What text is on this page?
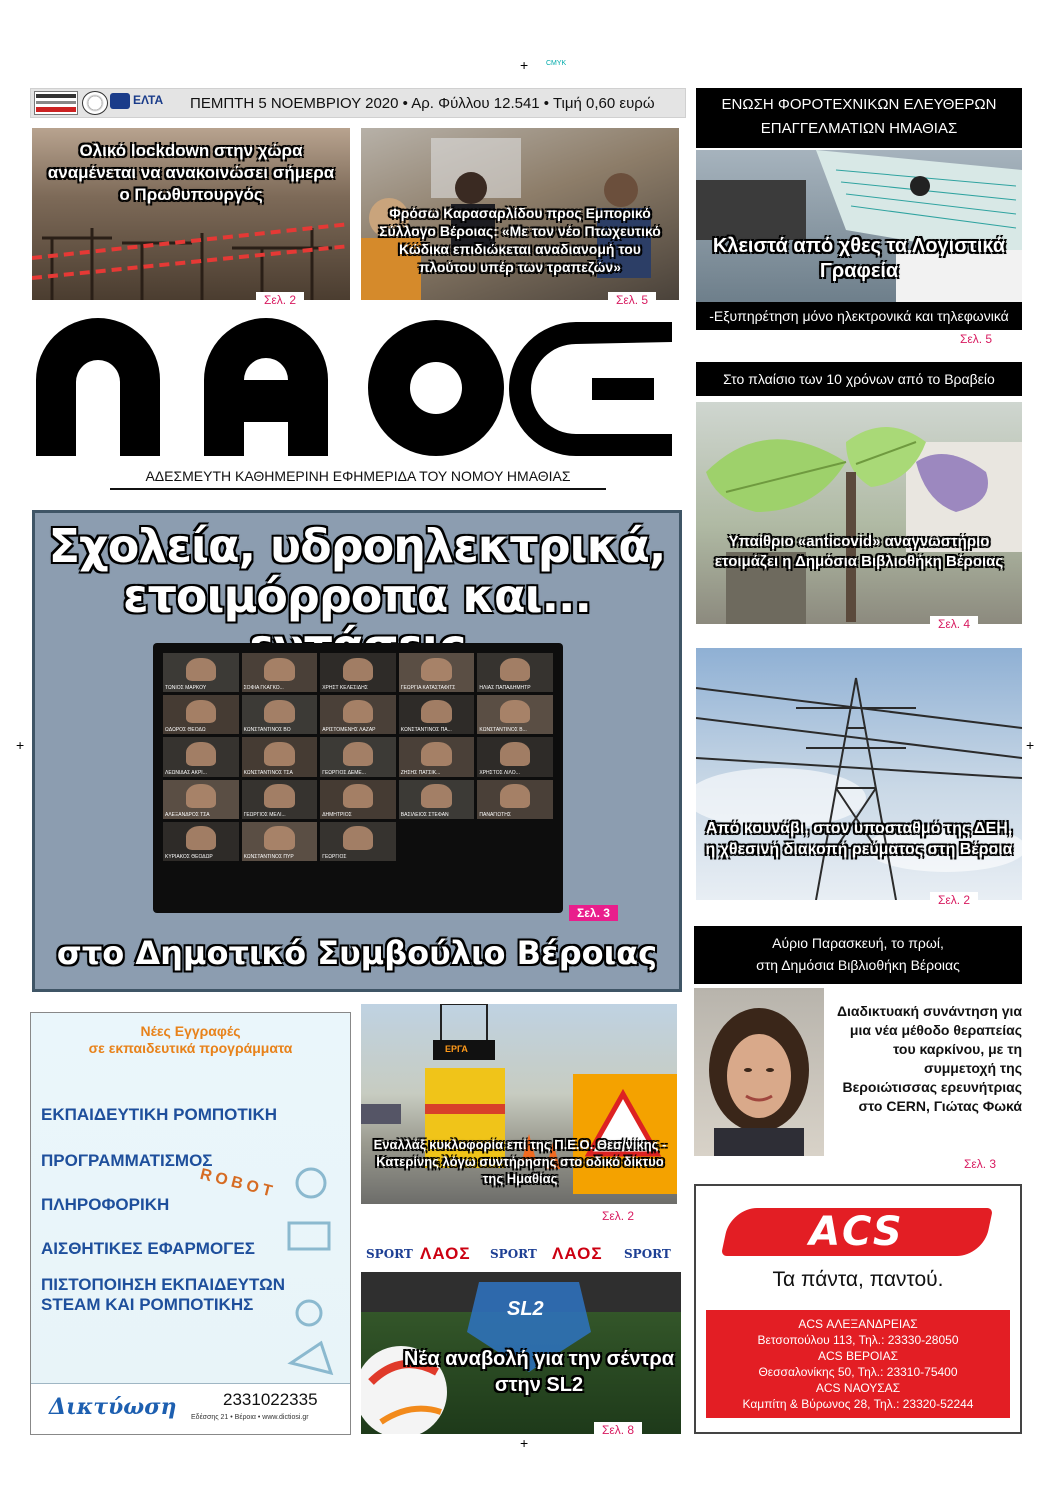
+	CMYK
+	+
+
ΕΛΤΑ	ΠΕΜΠΤΗ 5 ΝΟΕΜΒΡΙΟΥ 2020 • Αρ. Φύλλου 12.541 • Τιμή 0,60 ευρώ
Ολικό lockdown στην χώρα αναμένεται να ανακοινώσει σήμερα ο Πρωθυπουργός
Σελ. 2
Φρόσω Καρασαρλίδου προς Εμπορικό Σύλλογο Βέροιας: «Με τον νέο Πτωχευτικό Κώδικα επιδιώκεται αναδιανομή του πλούτου υπέρ των τραπεζών»
Σελ. 5
ΕΝΩΣΗ ΦΟΡΟΤΕΧΝΙΚΩΝ ΕΛΕΥΘΕΡΩΝ ΕΠΑΓΓΕΛΜΑΤΙΩΝ ΗΜΑΘΙΑΣ
Κλειστά από χθες τα Λογιστικά Γραφεία
-Εξυπηρέτηση μόνο ηλεκτρονικά και τηλεφωνικά
Σελ. 5
ΑΔΕΣΜΕΥΤΗ ΚΑΘΗΜΕΡΙΝΗ ΕΦΗΜΕΡΙΔΑ ΤΟΥ ΝΟΜΟΥ ΗΜΑΘΙΑΣ
Στο πλαίσιο των 10 χρόνων από το Βραβείο
Υπαίθριο «anticovid» αναγνωστήριο ετοιμάζει η Δημόσια Βιβλιοθήκη Βέροιας
Σελ. 4
Σχολεία, υδροηλεκτρικά,
ετοιμόρροπα και...
ΤΩΝΙΟΣ ΜΑΡΚΟΥ	ΣΟΦΙΑ ΓΚΑΓΚΟ...	ΧΡΗΣΤ ΚΕΛΕΣΙΔΗΣ	ΓΕΩΡΓΙΑ ΚΑΤΑΣΤΑΦΙΤΣ	ΗΛΙΑΣ ΠΑΠΑΔΗΜΗΤΡ
ΩΔΩΡΟΣ ΘΕΟΔΩ	ΚΩΝΣΤΑΝΤΙΝΟΣ ΒΟ	ΑΡΙΣΤΟΜΕΝΗΣ ΛΑΖΑΡ	ΚΩΝΣΤΑΝΤΙΝΟΣ ΠΑ...	ΚΩΝΣΤΑΝΤΙΝΟΣ Β...
ΛΕΩΝΙΔΑΣ ΑΚΡΙ...	ΚΩΝΣΤΑΝΤΙΝΟΣ ΤΣΑ	ΓΕΩΡΓΙΟΣ ΔΕΜΕ...	ΖΗΣΗΣ ΠΑΤΣΙΚ...	ΧΡΗΣΤΟΣ ΛΙΛΟ...
ΑΛΕΞΑΝΔΡΟΣ ΤΣΑ	ΓΕΩΡΓΙΟΣ ΜΕΛΙ...	ΔΗΜΗΤΡΙΟΣ	ΒΑΣΙΛΕΙΟΣ ΣΤΕΦΑΝ	ΠΑΝΑΓΙΩΤΗΣ
ΚΥΡΙΑΚΟΣ ΘΕΟΔΩΡ	ΚΩΝΣΤΑΝΤΙΝΟΣ ΠΥΡ	ΓΕΩΡΓΙΟΣ
Σελ. 3
στο Δημοτικό Συμβούλιο Βέροιας
Από κουνάβι, στον υποσταθμό της ΔΕΗ, η χθεσινή διακοπή ρεύματος στη Βέροια
Σελ. 2
Αύριο Παρασκευή, το πρωί,
στη Δημόσια Βιβλιοθήκη Βέροιας
Διαδικτυακή συνάντηση για μια νέα μέθοδο θεραπείας του καρκίνου, με τη συμμετοχή της Βεροιώτισσας ερευνήτριας στο CERN, Γιώτας Φωκά
Σελ. 3
Νέες Εγγραφές
σε εκπαιδευτικά προγράμματα
ΕΚΠΑΙΔΕΥΤΙΚΗ ΡΟΜΠΟΤΙΚΗ
ΠΡΟΓΡΑΜΜΑΤΙΣΜΟΣ
ΠΛΗΡΟΦΟΡΙΚΗ
ΑΙΣΘΗΤΙΚΕΣ ΕΦΑΡΜΟΓΕΣ
ΠΙΣΤΟΠΟΙΗΣΗ ΕΚΠΑΙΔΕΥΤΩΝ
STEAM ΚΑΙ ΡΟΜΠΟΤΙΚΗΣ
ROBOT
Δικτύωση	2331022335
Εδέσσης 21 • Βέροια • www.dictiosi.gr
ΕΡΓΑ
Εναλλάξ κυκλοφορία επί της Π.Ε.Ο. Θεσ/νίκης - Κατερίνης λόγω συντήρησης στο οδικό δίκτυο της Ημαθίας
Σελ. 2
SPORT ΛΑΟΣ SPORT ΛΑΟΣ SPORT
SL2
Νέα αναβολή για την σέντρα στην SL2
Σελ. 8
ACS
Τα πάντα, παντού.
ACS ΑΛΕΞΑΝΔΡΕΙΑΣ
Βετσοπούλου 113, Τηλ.: 23330-28050
ACS ΒΕΡΟΙΑΣ
Θεσσαλονίκης 50, Τηλ.: 23310-75400
ACS ΝΑΟΥΣΑΣ
Καμπίτη & Βύρωνος 28, Τηλ.: 23320-52244
